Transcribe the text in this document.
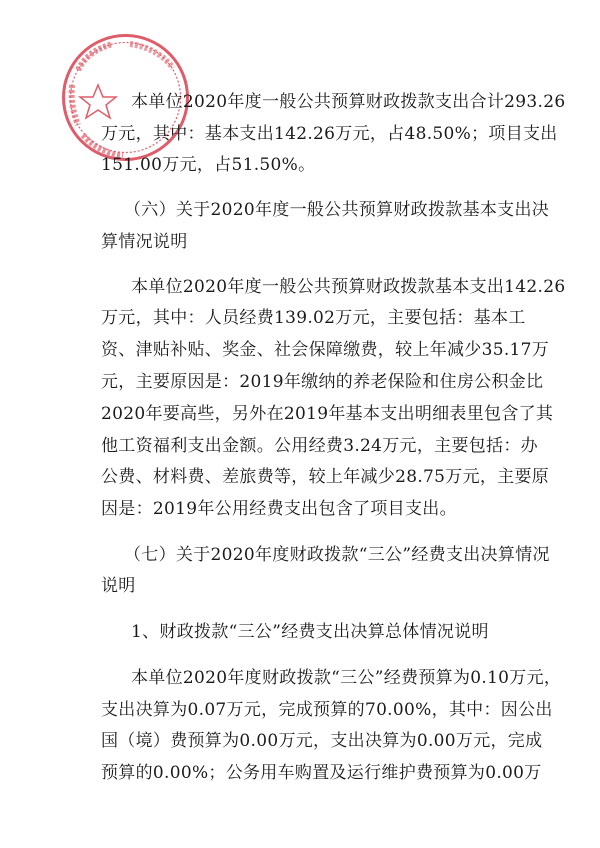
本单位2020年度一般公共预算财政拨款支出合计293.26
万元，其中：基本支出142.26万元，占48.50%；项目支出
151.00万元，占51.50%。
（六）关于2020年度一般公共预算财政拨款基本支出决
算情况说明
本单位2020年度一般公共预算财政拨款基本支出142.26
万元，其中：人员经费139.02万元，主要包括：基本工
资、津贴补贴、奖金、社会保障缴费，较上年减少35.17万
元，主要原因是：2019年缴纳的养老保险和住房公积金比
2020年要高些，另外在2019年基本支出明细表里包含了其
他工资福利支出金额。公用经费3.24万元，主要包括：办
公费、材料费、差旅费等，较上年减少28.75万元，主要原
因是：2019年公用经费支出包含了项目支出。
（七）关于2020年度财政拨款“三公”经费支出决算情况
说明
1、财政拨款“三公”经费支出决算总体情况说明
本单位2020年度财政拨款“三公”经费预算为0.10万元，
支出决算为0.07万元，完成预算的70.00%，其中：因公出
国（境）费预算为0.00万元，支出决算为0.00万元，完成
预算的0.00%；公务用车购置及运行维护费预算为0.00万
